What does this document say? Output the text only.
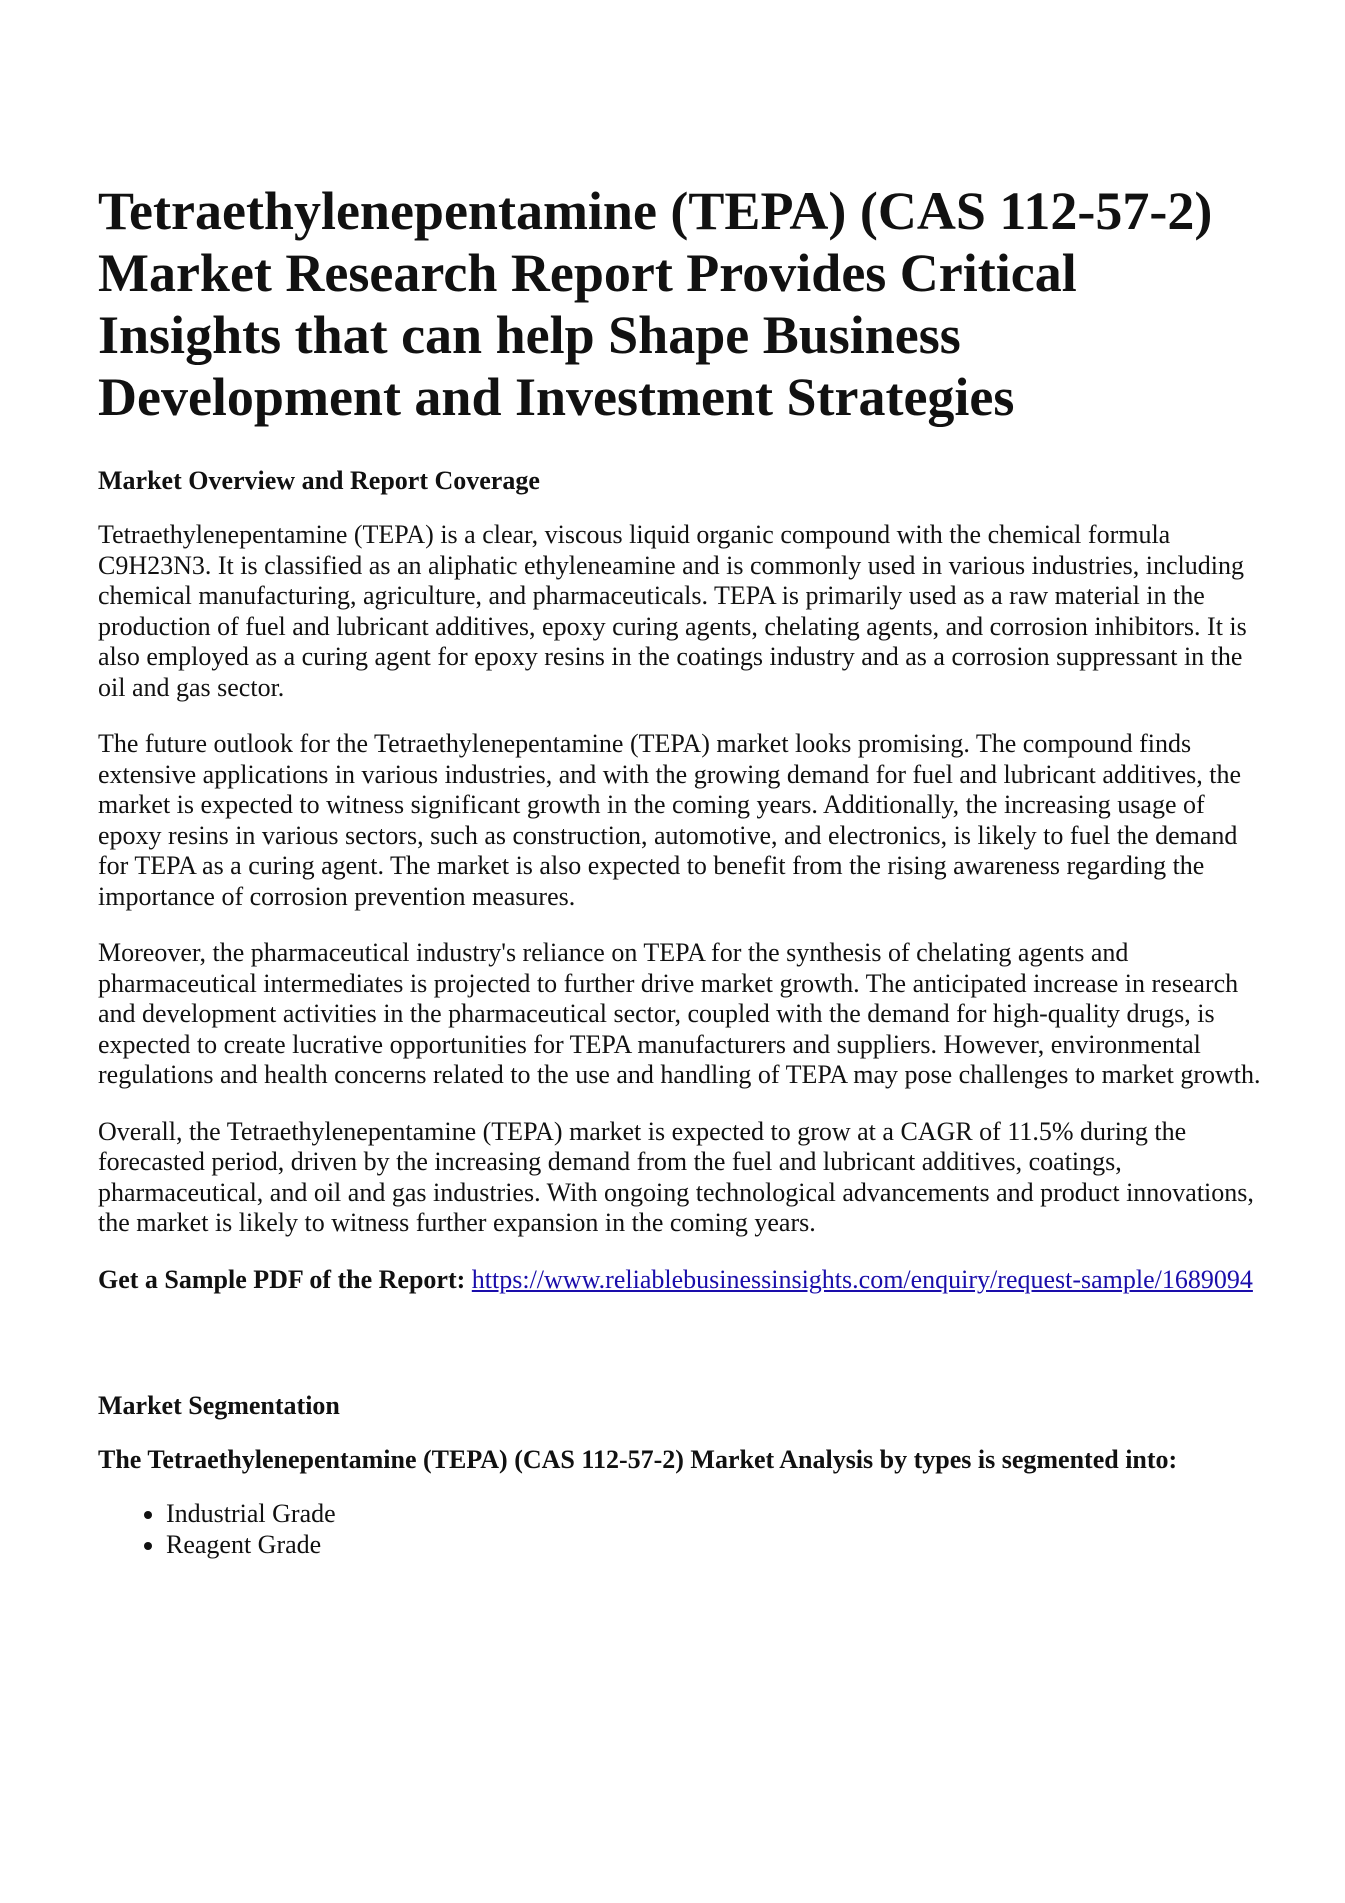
Tetraethylenepentamine (TEPA) (CAS 112-57-2) Market Research Report Provides Critical Insights that can help Shape Business Development and Investment Strategies
Market Overview and Report Coverage

Tetraethylenepentamine (TEPA) is a clear, viscous liquid organic compound with the chemical formula C9H23N3. It is classified as an aliphatic ethyleneamine and is commonly used in various industries, including chemical manufacturing, agriculture, and pharmaceuticals. TEPA is primarily used as a raw material in the production of fuel and lubricant additives, epoxy curing agents, chelating agents, and corrosion inhibitors. It is also employed as a curing agent for epoxy resins in the coatings industry and as a corrosion suppressant in the oil and gas sector.

The future outlook for the Tetraethylenepentamine (TEPA) market looks promising. The compound finds extensive applications in various industries, and with the growing demand for fuel and lubricant additives, the market is expected to witness significant growth in the coming years. Additionally, the increasing usage of epoxy resins in various sectors, such as construction, automotive, and electronics, is likely to fuel the demand for TEPA as a curing agent. The market is also expected to benefit from the rising awareness regarding the importance of corrosion prevention measures.

Moreover, the pharmaceutical industry's reliance on TEPA for the synthesis of chelating agents and pharmaceutical intermediates is projected to further drive market growth. The anticipated increase in research and development activities in the pharmaceutical sector, coupled with the demand for high-quality drugs, is expected to create lucrative opportunities for TEPA manufacturers and suppliers. However, environmental regulations and health concerns related to the use and handling of TEPA may pose challenges to market growth.

Overall, the Tetraethylenepentamine (TEPA) market is expected to grow at a CAGR of 11.5% during the forecasted period, driven by the increasing demand from the fuel and lubricant additives, coatings, pharmaceutical, and oil and gas industries. With ongoing technological advancements and product innovations, the market is likely to witness further expansion in the coming years.

Get a Sample PDF of the Report: https://www.reliablebusinessinsights.com/enquiry/request-sample/1689094

Market Segmentation
The Tetraethylenepentamine (TEPA) (CAS 112-57-2) Market Analysis by types is segmented into:
• Industrial Grade
• Reagent Grade
